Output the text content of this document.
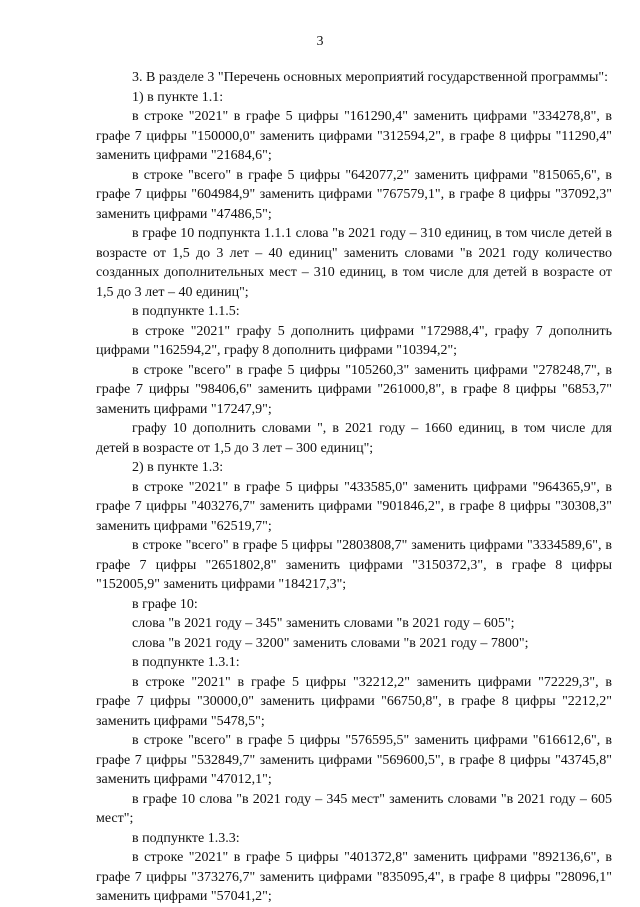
3

3. В разделе 3 "Перечень основных мероприятий государственной программы":

1) в пункте 1.1:

в строке "2021" в графе 5 цифры "161290,4" заменить цифрами "334278,8", в графе 7 цифры "150000,0" заменить цифрами "312594,2", в графе 8 цифры "11290,4" заменить цифрами "21684,6";

в строке "всего" в графе 5 цифры "642077,2" заменить цифрами "815065,6", в графе 7 цифры "604984,9" заменить цифрами "767579,1", в графе 8 цифры "37092,3" заменить цифрами "47486,5";

в графе 10 подпункта 1.1.1 слова "в 2021 году – 310 единиц, в том числе детей в возрасте от 1,5 до 3 лет – 40 единиц" заменить словами "в 2021 году количество созданных дополнительных мест – 310 единиц, в том числе для детей в возрасте от 1,5 до 3 лет – 40 единиц";

в подпункте 1.1.5:

в строке "2021" графу 5 дополнить цифрами "172988,4", графу 7 дополнить цифрами "162594,2", графу 8 дополнить цифрами "10394,2";

в строке "всего" в графе 5 цифры "105260,3" заменить цифрами "278248,7", в графе 7 цифры "98406,6" заменить цифрами "261000,8", в графе 8 цифры "6853,7" заменить цифрами "17247,9";

графу 10 дополнить словами ", в 2021 году – 1660 единиц, в том числе для детей в возрасте от 1,5 до 3 лет – 300 единиц";

2) в пункте 1.3:

в строке "2021" в графе 5 цифры "433585,0" заменить цифрами "964365,9", в графе 7 цифры "403276,7" заменить цифрами "901846,2", в графе 8 цифры "30308,3" заменить цифрами "62519,7";

в строке "всего" в графе 5 цифры "2803808,7" заменить цифрами "3334589,6", в графе 7 цифры "2651802,8" заменить цифрами "3150372,3", в графе 8 цифры "152005,9" заменить цифрами "184217,3";

в графе 10:

слова "в 2021 году – 345" заменить словами "в 2021 году – 605";

слова "в 2021 году – 3200" заменить словами "в 2021 году – 7800";

в подпункте 1.3.1:

в строке "2021" в графе 5 цифры "32212,2" заменить цифрами "72229,3", в графе 7 цифры "30000,0" заменить цифрами "66750,8", в графе 8 цифры "2212,2" заменить цифрами "5478,5";

в строке "всего" в графе 5 цифры "576595,5" заменить цифрами "616612,6", в графе 7 цифры "532849,7" заменить цифрами "569600,5", в графе 8 цифры "43745,8" заменить цифрами "47012,1";

в графе 10 слова "в 2021 году – 345 мест" заменить словами "в 2021 году – 605 мест";

в подпункте 1.3.3:

в строке "2021" в графе 5 цифры "401372,8" заменить цифрами "892136,6", в графе 7 цифры "373276,7" заменить цифрами "835095,4", в графе 8 цифры "28096,1" заменить цифрами "57041,2";
